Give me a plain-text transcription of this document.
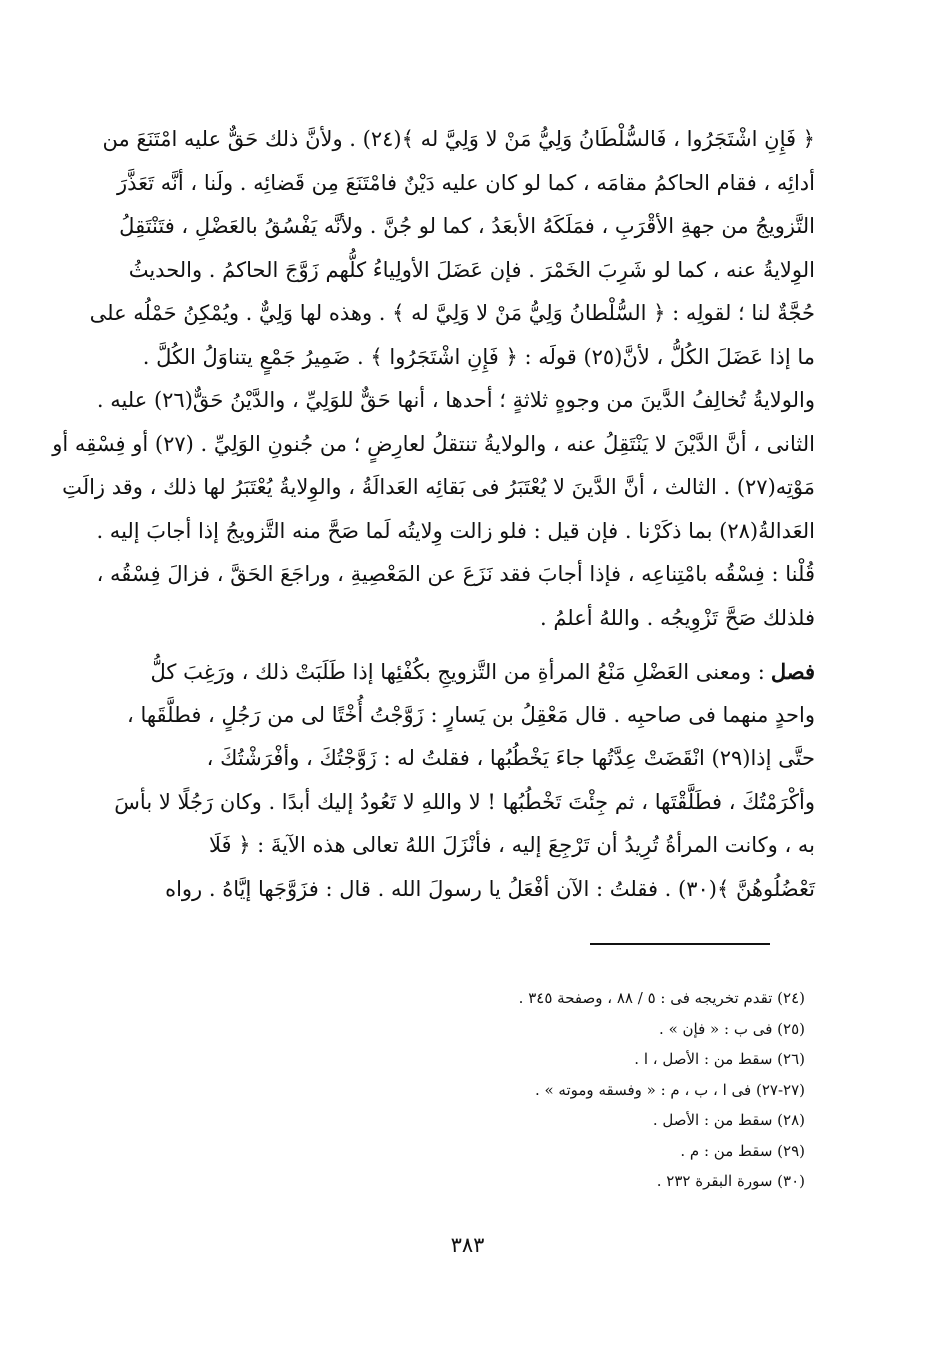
﴿ فَإِنِ اشْتَجَرُوا ، فَالسُّلْطَانُ وَلِيُّ مَنْ لا وَلِيَّ له ﴾(٢٤) . ولأنَّ ذلك حَقٌّ عليه امْتَنَعَ من
أدائِه ، فقام الحاكمُ مقامَه ، كما لو كان عليه دَيْنٌ فامْتَنَعَ مِن قَضائِه . ولَنا ، أنَّه تَعَذَّرَ
التَّزويجُ من جهةِ الأقْرَبِ ، فمَلَكَهُ الأبعَدُ ، كما لو جُنَّ . ولأنَّه يَفْسُقُ بالعَضْلِ ، فتَنْتَقِلُ
الوِلايةُ عنه ، كما لو شَرِبَ الخَمْرَ . فإن عَضَلَ الأولِياءُ كلُّهم زَوَّجَ الحاكمُ . والحديثُ
حُجَّةٌ لنا ؛ لقولِه : ﴿ السُّلْطانُ وَلِيُّ مَنْ لا وَلِيَّ له ﴾ . وهذه لها وَلِيٌّ . ويُمْكِنُ حَمْلُه على
ما إذا عَضَلَ الكُلُّ ، لأنَّ(٢٥) قولَه : ﴿ فَإِنِ اشْتَجَرُوا ﴾ . ضَمِيرُ جَمْعٍ يتناوَلُ الكُلَّ .
والولايةُ تُخالِفُ الدَّينَ من وجوهٍ ثلاثةٍ ؛ أحدها ، أنها حَقٌّ للوَلِيِّ ، والدَّيْنُ حَقٌّ(٢٦) عليه .
الثانى ، أنَّ الدَّيْنَ لا يَنْتَقِلُ عنه ، والولايةُ تنتقلُ لعارِضٍ ؛ من جُنونِ الوَلِيِّ . (٢٧) أو فِسْقِه أو
مَوْتِه(٢٧) . الثالث ، أنَّ الدَّينَ لا يُعْتَبَرُ فى بَقائِه العَدالَةُ ، والوِلايةُ يُعْتَبَرُ لها ذلك ، وقد زالَتِ
العَدالةُ(٢٨) بما ذكَرْنا . فإن قيل : فلو زالت وِلايتُه لَما صَحَّ منه التَّزويجُ إذا أجابَ إليه .
قُلْنا : فِسْقُه بامْتِناعِه ، فإذا أجابَ فقد نَزَعَ عن المَعْصِيةِ ، وراجَعَ الحَقَّ ، فزالَ فِسْقُه ،
فلذلك صَحَّ تَزْوِيجُه . واللهُ أعلمُ .
فصل: ومعنى العَضْلِ مَنْعُ المرأةِ من التَّزويجِ بكُفْئِها إذا طَلَبَتْ ذلك ، ورَغِبَ كلُّ
واحدٍ منهما فى صاحبِه . قال مَعْقِلُ بن يَسارٍ : زَوَّجْتُ أُخْتًا لى من رَجُلٍ ، فطلَّقَها ،
حتَّى إذا(٢٩) انْقَضَتْ عِدَّتُها جاءَ يَخْطُبُها ، فقلتُ له : زَوَّجْتُكَ ، وأفْرَشْتُكَ ،
وأكْرَمْتُكَ ، فطَلَّقْتَها ، ثم جِئْتَ تَخْطُبُها ! لا واللهِ لا تَعُودُ إليك أبدًا . وكان رَجُلًا لا بأسَ
به ، وكانت المرأةُ تُرِيدُ أن تَرْجِعَ إليه ، فأنْزَلَ اللهُ تعالى هذه الآيةَ : ﴿ فَلَا
تَعْضُلُوهُنَّ ﴾(٣٠) . فقلتُ : الآن أفْعَلُ يا رسولَ الله . قال : فزَوَّجَها إيَّاهُ . رواه
(٢٤) تقدم تخريجه فى : ٥ / ٨٨ ، وصفحة ٣٤٥ .
(٢٥) فى ب : « فإن » .
(٢٦) سقط من : الأصل ، ا .
(٢٧-٢٧) فى ا ، ب ، م : « وفسقه وموته » .
(٢٨) سقط من : الأصل .
(٢٩) سقط من : م .
(٣٠) سورة البقرة ٢٣٢ .
٣٨٣
